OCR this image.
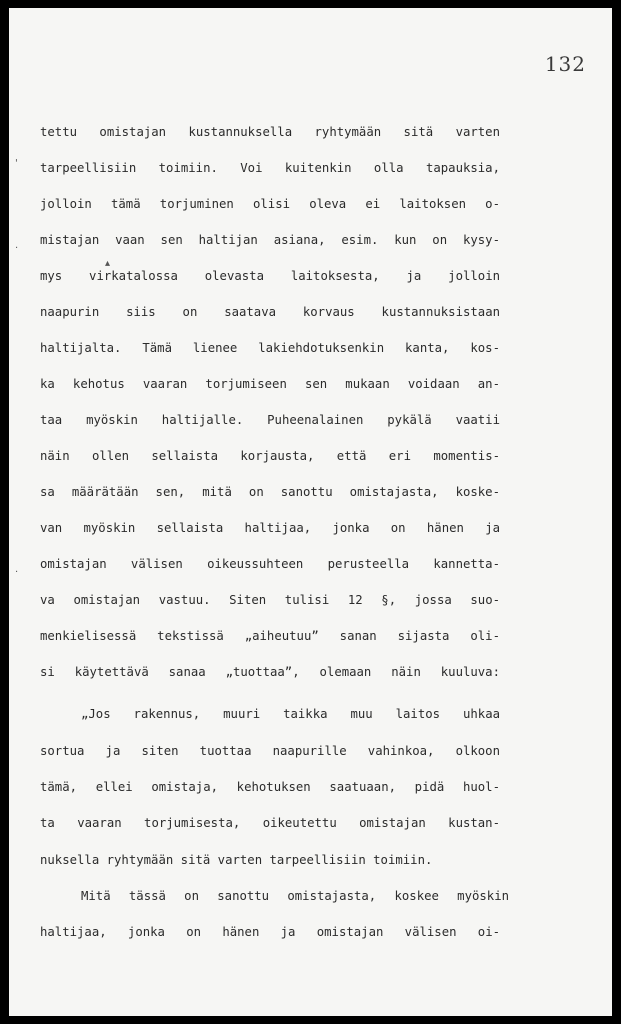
132

tettu omistajan kustannuksella ryhtymään sitä varten

tarpeellisiin toimiin. Voi kuitenkin olla tapauksia,

jolloin tämä torjuminen olisi oleva ei laitoksen o-

mistajan vaan sen haltijan asiana, esim. kun on kysy-

mys virkatalossa olevasta laitoksesta, ja jolloin

naapurin siis on saatava korvaus kustannuksistaan

haltijalta. Tämä lienee lakiehdotuksenkin kanta, kos-

ka kehotus vaaran torjumiseen sen mukaan voidaan an-

taa myöskin haltijalle. Puheenalainen pykälä vaatii

näin ollen sellaista korjausta, että eri momentis-

sa määrätään sen, mitä on sanottu omistajasta, koske-

van myöskin sellaista haltijaa, jonka on hänen ja

omistajan välisen oikeussuhteen perusteella kannetta-

va omistajan vastuu. Siten tulisi 12 §, jossa suo-

menkielisessä tekstissä „aiheutuu” sanan sijasta oli-

si käytettävä sanaa „tuottaa”, olemaan näin kuuluva:

„Jos rakennus, muuri taikka muu laitos uhkaa

sortua ja siten tuottaa naapurille vahinkoa, olkoon

tämä, ellei omistaja, kehotuksen saatuaan, pidä huol-

ta vaaran torjumisesta, oikeutettu omistajan kustan-

nuksella ryhtymään sitä varten tarpeellisiin toimiin.

Mitä tässä on sanottu omistajasta, koskee myöskin

haltijaa, jonka on hänen ja omistajan välisen oi-

▴
'
.
.
